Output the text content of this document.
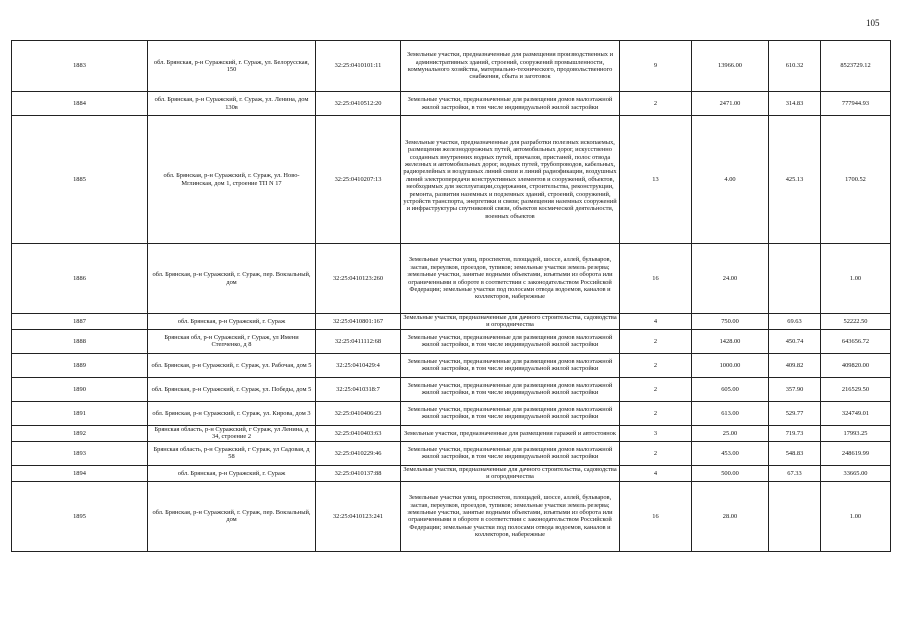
105
1883	обл. Брянская, р-н Суражский, г. Сураж, ул. Белорусская, 150	32:25:0410101:11	Земельные участки, предназначенные для размещения производственных и административных зданий, строений, сооружений промышленности, коммунального хозяйства, материально-технического, продовольственного снабжения, сбыта и заготовок	9	13966.00	610.32	8523729.12
1884	обл. Брянская, р-н Суражский, г. Сураж, ул. Ленина, дом 130в	32:25:0410512:20	Земельные участки, предназначенные для размещения домов малоэтажной жилой застройки, в том числе индивидуальной жилой застройки	2	2471.00	314.83	777944.93
1885	обл. Брянская, р-н Суражский, г. Сураж, ул. Ново-Мглинская, дом 1, строение ТП N 17	32:25:0410207:13	Земельные участки, предназначенные для разработки полезных ископаемых, размещения железнодорожных путей, автомобильных дорог, искусственно созданных внутренних водных путей, причалов, пристаней, полос отвода железных и автомобильных дорог, водных путей, трубопроводов, кабельных, радиорелейных и воздушных линий связи и линий радиофикации, воздушных линий электропередачи конструктивных элементов и сооружений, объектов, необходимых для эксплуатации,содержания, строительства, реконструкции, ремонта, развития наземных и подземных зданий, строений, сооружений, устройств транспорта, энергетики и связи; размещения наземных сооружений и инфраструктуры спутниковой связи, объектов космической деятельности, военных объектов	13	4.00	425.13	1700.52
1886	обл. Брянская, р-н Суражский, г. Сураж, пер. Вокзальный, дом	32:25:0410123:260	Земельные участки улиц, проспектов, площадей, шоссе, аллей, бульваров, застав, переулков, проездов, тупиков; земельные участки земель резерва; земельные участки, занятые водными объектами, изъятыми из оборота или ограниченными в обороте в соответствии с законодательством Российской Федерации; земельные участки под полосами отвода водоемов, каналов и коллекторов, набережные	16	24.00		1.00
1887	обл. Брянская, р-н Суражский, г. Сураж	32:25:0410801:167	Земельные участки, предназначенные для дачного строительства, садоводства и огородничества	4	750.00	69.63	52222.50
1888	Брянская обл, р-н Суражский, г Сураж, ул Имени Степченко, д 8	32:25:0411112:68	Земельные участки, предназначенные для размещения домов малоэтажной жилой застройки, в том числе индивидуальной жилой застройки	2	1428.00	450.74	643656.72
1889	обл. Брянская, р-н Суражский, г. Сураж, ул. Рабочая, дом 5	32:25:0410429:4	Земельные участки, предназначенные для размещения домов малоэтажной жилой застройки, в том числе индивидуальной жилой застройки	2	1000.00	409.82	409820.00
1890	обл. Брянская, р-н Суражский, г. Сураж, ул. Победы, дом 5	32:25:0410318:7	Земельные участки, предназначенные для размещения домов малоэтажной жилой застройки, в том числе индивидуальной жилой застройки	2	605.00	357.90	216529.50
1891	обл. Брянская, р-н Суражский, г. Сураж, ул. Кирова, дом 3	32:25:0410406:23	Земельные участки, предназначенные для размещения домов малоэтажной жилой застройки, в том числе индивидуальной жилой застройки	2	613.00	529.77	324749.01
1892	Брянская область, р-н Суражский, г Сураж, ул Ленина, д 34, строение 2	32:25:0410403:63	Земельные участки, предназначенные для размещения гаражей и автостоянок	3	25.00	719.73	17993.25
1893	Брянская область, р-н Суражский, г Сураж, ул Садовая, д 58	32:25:0410229:46	Земельные участки, предназначенные для размещения домов малоэтажной жилой застройки, в том числе индивидуальной жилой застройки	2	453.00	548.83	248619.99
1894	обл. Брянская, р-н Суражский, г. Сураж	32:25:0410137:88	Земельные участки, предназначенные для дачного строительства, садоводства и огородничества	4	500.00	67.33	33665.00
1895	обл. Брянская, р-н Суражский, г. Сураж, пер. Вокзальный, дом	32:25:0410123:241	Земельные участки улиц, проспектов, площадей, шоссе, аллей, бульваров, застав, переулков, проездов, тупиков; земельные участки земель резерва; земельные участки, занятые водными объектами, изъятыми из оборота или ограниченными в обороте в соответствии с законодательством Российской Федерации; земельные участки под полосами отвода водоемов, каналов и коллекторов, набережные	16	28.00		1.00
